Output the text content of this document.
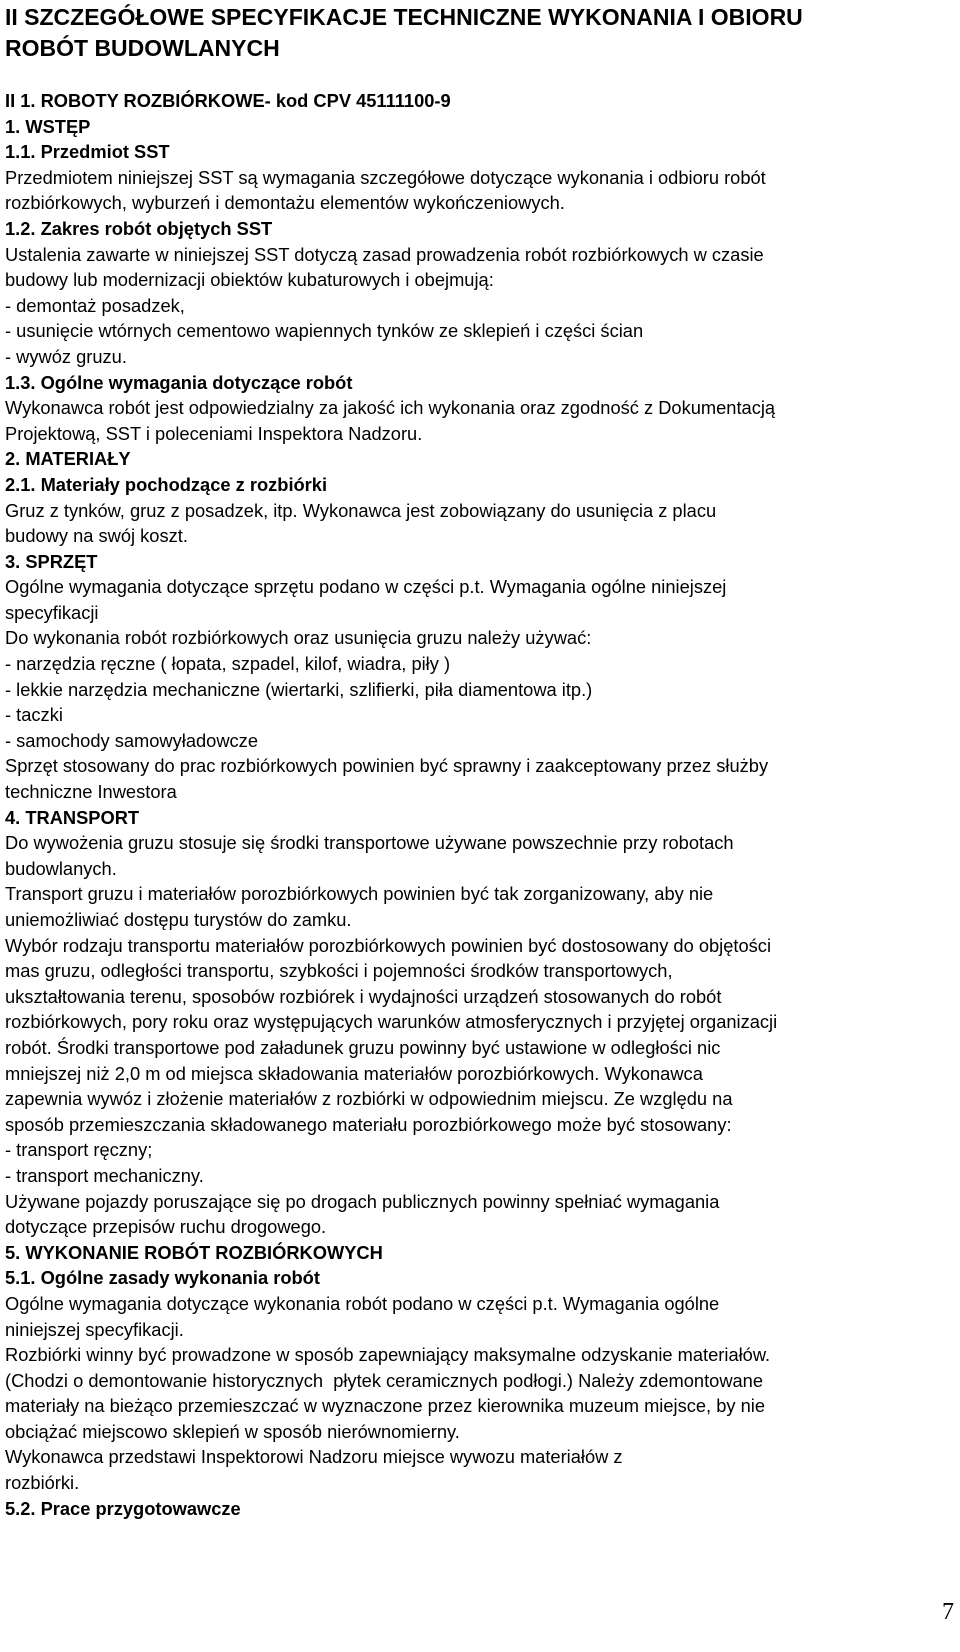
II SZCZEGÓŁOWE SPECYFIKACJE TECHNICZNE WYKONANIA I OBIORU
ROBÓT BUDOWLANYCH
II 1. ROBOTY ROZBIÓRKOWE- kod CPV 45111100-9
1. WSTĘP
1.1. Przedmiot SST
Przedmiotem niniejszej SST są wymagania szczegółowe dotyczące wykonania i odbioru robót
rozbiórkowych, wyburzeń i demontażu elementów wykończeniowych.
1.2. Zakres robót objętych SST
Ustalenia zawarte w niniejszej SST dotyczą zasad prowadzenia robót rozbiórkowych w czasie
budowy lub modernizacji obiektów kubaturowych i obejmują:
- demontaż posadzek,
- usunięcie wtórnych cementowo wapiennych tynków ze sklepień i części ścian
- wywóz gruzu.
1.3. Ogólne wymagania dotyczące robót
Wykonawca robót jest odpowiedzialny za jakość ich wykonania oraz zgodność z Dokumentacją
Projektową, SST i poleceniami Inspektora Nadzoru.
2. MATERIAŁY
2.1. Materiały pochodzące z rozbiórki
Gruz z tynków, gruz z posadzek, itp. Wykonawca jest zobowiązany do usunięcia z placu
budowy na swój koszt.
3. SPRZĘT
Ogólne wymagania dotyczące sprzętu podano w części p.t. Wymagania ogólne niniejszej
specyfikacji
Do wykonania robót rozbiórkowych oraz usunięcia gruzu należy używać:
- narzędzia ręczne ( łopata, szpadel, kilof, wiadra, piły )
- lekkie narzędzia mechaniczne (wiertarki, szlifierki, piła diamentowa itp.)
- taczki
- samochody samowyładowcze
Sprzęt stosowany do prac rozbiórkowych powinien być sprawny i zaakceptowany przez służby
techniczne Inwestora
4. TRANSPORT
Do wywożenia gruzu stosuje się środki transportowe używane powszechnie przy robotach
budowlanych.
Transport gruzu i materiałów porozbiórkowych powinien być tak zorganizowany, aby nie
uniemożliwiać dostępu turystów do zamku.
Wybór rodzaju transportu materiałów porozbiórkowych powinien być dostosowany do objętości
mas gruzu, odległości transportu, szybkości i pojemności środków transportowych,
ukształtowania terenu, sposobów rozbiórek i wydajności urządzeń stosowanych do robót
rozbiórkowych, pory roku oraz występujących warunków atmosferycznych i przyjętej organizacji
robót. Środki transportowe pod załadunek gruzu powinny być ustawione w odległości nic
mniejszej niż 2,0 m od miejsca składowania materiałów porozbiórkowych. Wykonawca
zapewnia wywóz i złożenie materiałów z rozbiórki w odpowiednim miejscu. Ze względu na
sposób przemieszczania składowanego materiału porozbiórkowego może być stosowany:
- transport ręczny;
- transport mechaniczny.
Używane pojazdy poruszające się po drogach publicznych powinny spełniać wymagania
dotyczące przepisów ruchu drogowego.
5. WYKONANIE ROBÓT ROZBIÓRKOWYCH
5.1. Ogólne zasady wykonania robót
Ogólne wymagania dotyczące wykonania robót podano w części p.t. Wymagania ogólne
niniejszej specyfikacji.
Rozbiórki winny być prowadzone w sposób zapewniający maksymalne odzyskanie materiałów.
(Chodzi o demontowanie historycznych  płytek ceramicznych podłogi.) Należy zdemontowane
materiały na bieżąco przemieszczać w wyznaczone przez kierownika muzeum miejsce, by nie
obciążać miejscowo sklepień w sposób nierównomierny.
Wykonawca przedstawi Inspektorowi Nadzoru miejsce wywozu materiałów z
rozbiórki.
5.2. Prace przygotowawcze
7
